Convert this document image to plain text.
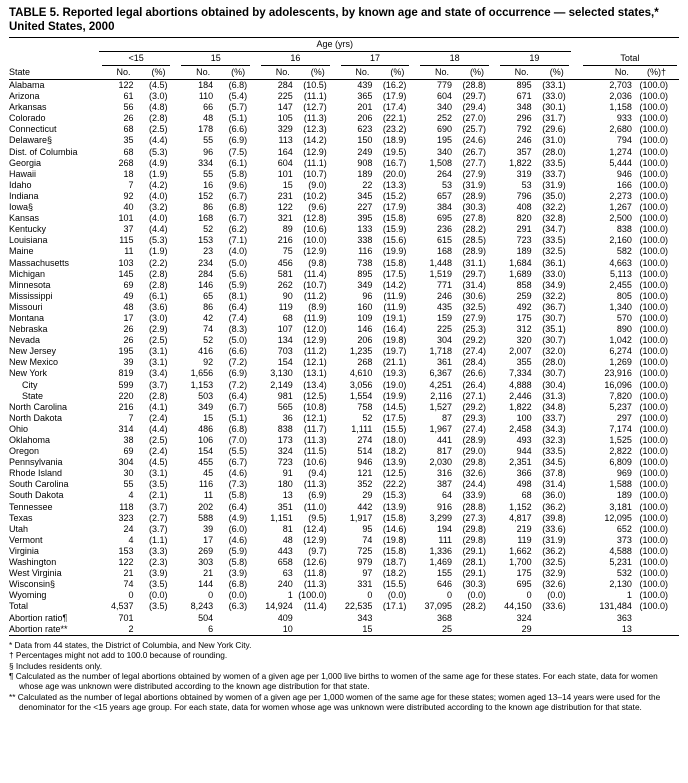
TABLE 5. Reported legal abortions obtained by adolescents, by known age and state of occurrence — selected states,* United States, 2000

	Age (yrs)													

	<15		15		16		17		18		19		Total	

State	No.	(%)	No.	(%)	No.	(%)	No.	(%)	No.	(%)	No.	(%)	No.	(%)†
Alabama	122	(4.5)	184	(6.8)	284	(10.5)	439	(16.2)	779	(28.8)	895	(33.1)	2,703	(100.0)
Arizona	61	(3.0)	110	(5.4)	225	(11.1)	365	(17.9)	604	(29.7)	671	(33.0)	2,036	(100.0)
Arkansas	56	(4.8)	66	(5.7)	147	(12.7)	201	(17.4)	340	(29.4)	348	(30.1)	1,158	(100.0)
Colorado	26	(2.8)	48	(5.1)	105	(11.3)	206	(22.1)	252	(27.0)	296	(31.7)	933	(100.0)
Connecticut	68	(2.5)	178	(6.6)	329	(12.3)	623	(23.2)	690	(25.7)	792	(29.6)	2,680	(100.0)
Delaware§	35	(4.4)	55	(6.9)	113	(14.2)	150	(18.9)	195	(24.6)	246	(31.0)	794	(100.0)
Dist. of Columbia	68	(5.3)	96	(7.5)	164	(12.9)	249	(19.5)	340	(26.7)	357	(28.0)	1,274	(100.0)
Georgia	268	(4.9)	334	(6.1)	604	(11.1)	908	(16.7)	1,508	(27.7)	1,822	(33.5)	5,444	(100.0)
Hawaii	18	(1.9)	55	(5.8)	101	(10.7)	189	(20.0)	264	(27.9)	319	(33.7)	946	(100.0)
Idaho	7	(4.2)	16	(9.6)	15	(9.0)	22	(13.3)	53	(31.9)	53	(31.9)	166	(100.0)
Indiana	92	(4.0)	152	(6.7)	231	(10.2)	345	(15.2)	657	(28.9)	796	(35.0)	2,273	(100.0)
Iowa§	40	(3.2)	86	(6.8)	122	(9.6)	227	(17.9)	384	(30.3)	408	(32.2)	1,267	(100.0)
Kansas	101	(4.0)	168	(6.7)	321	(12.8)	395	(15.8)	695	(27.8)	820	(32.8)	2,500	(100.0)
Kentucky	37	(4.4)	52	(6.2)	89	(10.6)	133	(15.9)	236	(28.2)	291	(34.7)	838	(100.0)
Louisiana	115	(5.3)	153	(7.1)	216	(10.0)	338	(15.6)	615	(28.5)	723	(33.5)	2,160	(100.0)
Maine	11	(1.9)	23	(4.0)	75	(12.9)	116	(19.9)	168	(28.9)	189	(32.5)	582	(100.0)
Massachusetts	103	(2.2)	234	(5.0)	456	(9.8)	738	(15.8)	1,448	(31.1)	1,684	(36.1)	4,663	(100.0)
Michigan	145	(2.8)	284	(5.6)	581	(11.4)	895	(17.5)	1,519	(29.7)	1,689	(33.0)	5,113	(100.0)
Minnesota	69	(2.8)	146	(5.9)	262	(10.7)	349	(14.2)	771	(31.4)	858	(34.9)	2,455	(100.0)
Mississippi	49	(6.1)	65	(8.1)	90	(11.2)	96	(11.9)	246	(30.6)	259	(32.2)	805	(100.0)
Missouri	48	(3.6)	86	(6.4)	119	(8.9)	160	(11.9)	435	(32.5)	492	(36.7)	1,340	(100.0)
Montana	17	(3.0)	42	(7.4)	68	(11.9)	109	(19.1)	159	(27.9)	175	(30.7)	570	(100.0)
Nebraska	26	(2.9)	74	(8.3)	107	(12.0)	146	(16.4)	225	(25.3)	312	(35.1)	890	(100.0)
Nevada	26	(2.5)	52	(5.0)	134	(12.9)	206	(19.8)	304	(29.2)	320	(30.7)	1,042	(100.0)
New Jersey	195	(3.1)	416	(6.6)	703	(11.2)	1,235	(19.7)	1,718	(27.4)	2,007	(32.0)	6,274	(100.0)
New Mexico	39	(3.1)	92	(7.2)	154	(12.1)	268	(21.1)	361	(28.4)	355	(28.0)	1,269	(100.0)
New York	819	(3.4)	1,656	(6.9)	3,130	(13.1)	4,610	(19.3)	6,367	(26.6)	7,334	(30.7)	23,916	(100.0)
City	599	(3.7)	1,153	(7.2)	2,149	(13.4)	3,056	(19.0)	4,251	(26.4)	4,888	(30.4)	16,096	(100.0)
State	220	(2.8)	503	(6.4)	981	(12.5)	1,554	(19.9)	2,116	(27.1)	2,446	(31.3)	7,820	(100.0)
North Carolina	216	(4.1)	349	(6.7)	565	(10.8)	758	(14.5)	1,527	(29.2)	1,822	(34.8)	5,237	(100.0)
North Dakota	7	(2.4)	15	(5.1)	36	(12.1)	52	(17.5)	87	(29.3)	100	(33.7)	297	(100.0)
Ohio	314	(4.4)	486	(6.8)	838	(11.7)	1,111	(15.5)	1,967	(27.4)	2,458	(34.3)	7,174	(100.0)
Oklahoma	38	(2.5)	106	(7.0)	173	(11.3)	274	(18.0)	441	(28.9)	493	(32.3)	1,525	(100.0)
Oregon	69	(2.4)	154	(5.5)	324	(11.5)	514	(18.2)	817	(29.0)	944	(33.5)	2,822	(100.0)
Pennsylvania	304	(4.5)	455	(6.7)	723	(10.6)	946	(13.9)	2,030	(29.8)	2,351	(34.5)	6,809	(100.0)
Rhode Island	30	(3.1)	45	(4.6)	91	(9.4)	121	(12.5)	316	(32.6)	366	(37.8)	969	(100.0)
South Carolina	55	(3.5)	116	(7.3)	180	(11.3)	352	(22.2)	387	(24.4)	498	(31.4)	1,588	(100.0)
South Dakota	4	(2.1)	11	(5.8)	13	(6.9)	29	(15.3)	64	(33.9)	68	(36.0)	189	(100.0)
Tennessee	118	(3.7)	202	(6.4)	351	(11.0)	442	(13.9)	916	(28.8)	1,152	(36.2)	3,181	(100.0)
Texas	323	(2.7)	588	(4.9)	1,151	(9.5)	1,917	(15.8)	3,299	(27.3)	4,817	(39.8)	12,095	(100.0)
Utah	24	(3.7)	39	(6.0)	81	(12.4)	95	(14.6)	194	(29.8)	219	(33.6)	652	(100.0)
Vermont	4	(1.1)	17	(4.6)	48	(12.9)	74	(19.8)	111	(29.8)	119	(31.9)	373	(100.0)
Virginia	153	(3.3)	269	(5.9)	443	(9.7)	725	(15.8)	1,336	(29.1)	1,662	(36.2)	4,588	(100.0)
Washington	122	(2.3)	303	(5.8)	658	(12.6)	979	(18.7)	1,469	(28.1)	1,700	(32.5)	5,231	(100.0)
West Virginia	21	(3.9)	21	(3.9)	63	(11.8)	97	(18.2)	155	(29.1)	175	(32.9)	532	(100.0)
Wisconsin§	74	(3.5)	144	(6.8)	240	(11.3)	331	(15.5)	646	(30.3)	695	(32.6)	2,130	(100.0)
Wyoming	0	(0.0)	0	(0.0)	1	(100.0)	0	(0.0)	0	(0.0)	0	(0.0)	1	(100.0)
Total	4,537	(3.5)	8,243	(6.3)	14,924	(11.4)	22,535	(17.1)	37,095	(28.2)	44,150	(33.6)	131,484	(100.0)
Abortion ratio¶	701		504		409		343		368		324		363	
Abortion rate**	2		6		10		15		25		29		13	
* Data from 44 states, the District of Columbia, and New York City.
† Percentages might not add to 100.0 because of rounding.
§ Includes residents only.
¶ Calculated as the number of legal abortions obtained by women of a given age per 1,000 live births to women of the same age for these states. For each state, data for women whose age was unknown were distributed according to the known age distribution for that state.
** Calculated as the number of legal abortions obtained by women of a given age per 1,000 women of the same age for these states; women aged 13–14 years were used for the denominator for the <15 years age group. For each state, data for women whose age was unknown were distributed according to the known age distribution for that state.
